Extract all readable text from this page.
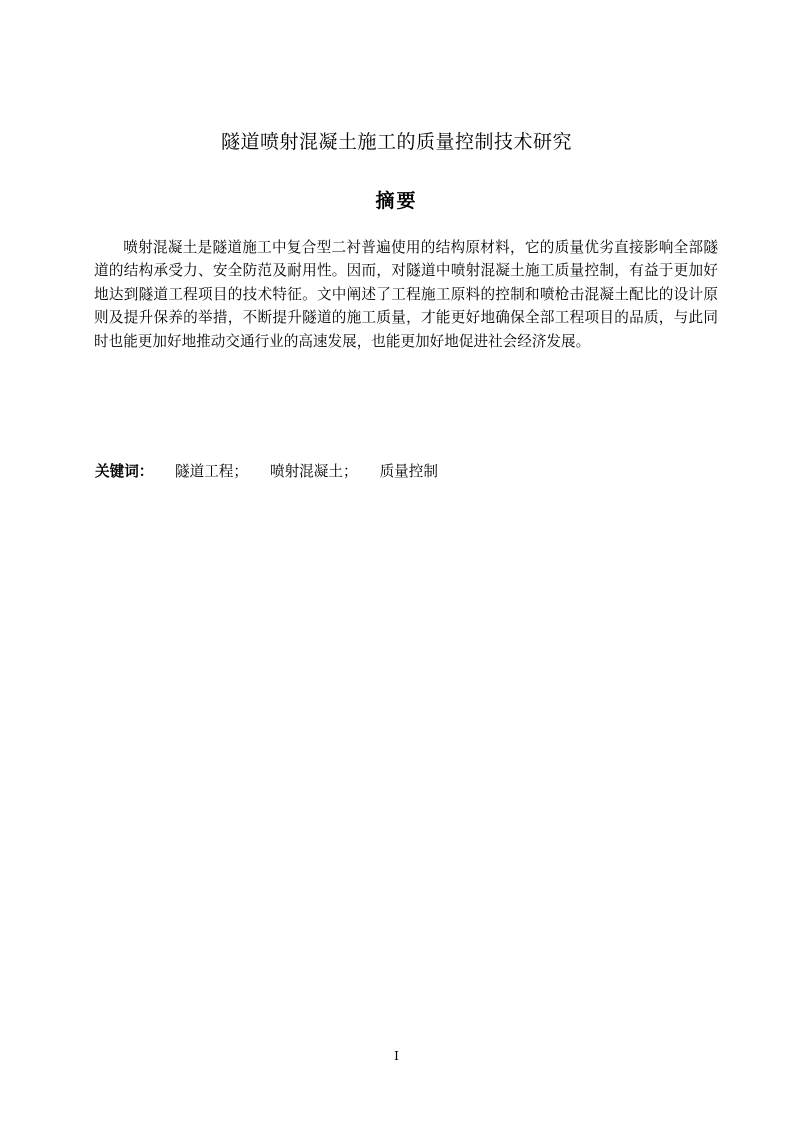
隧道喷射混凝土施工的质量控制技术研究
摘要

喷射混凝土是隧道施工中复合型二衬普遍使用的结构原材料，它的质量优劣直接影响全部隧道的结构承受力、安全防范及耐用性。因而，对隧道中喷射混凝土施工质量控制，有益于更加好地达到隧道工程项目的技术特征。文中阐述了工程施工原料的控制和喷枪击混凝土配比的设计原则及提升保养的举措，不断提升隧道的施工质量，才能更好地确保全部工程项目的品质，与此同时也能更加好地推动交通行业的高速发展，也能更加好地促进社会经济发展。

关键词： 隧道工程； 喷射混凝土； 质量控制
I
